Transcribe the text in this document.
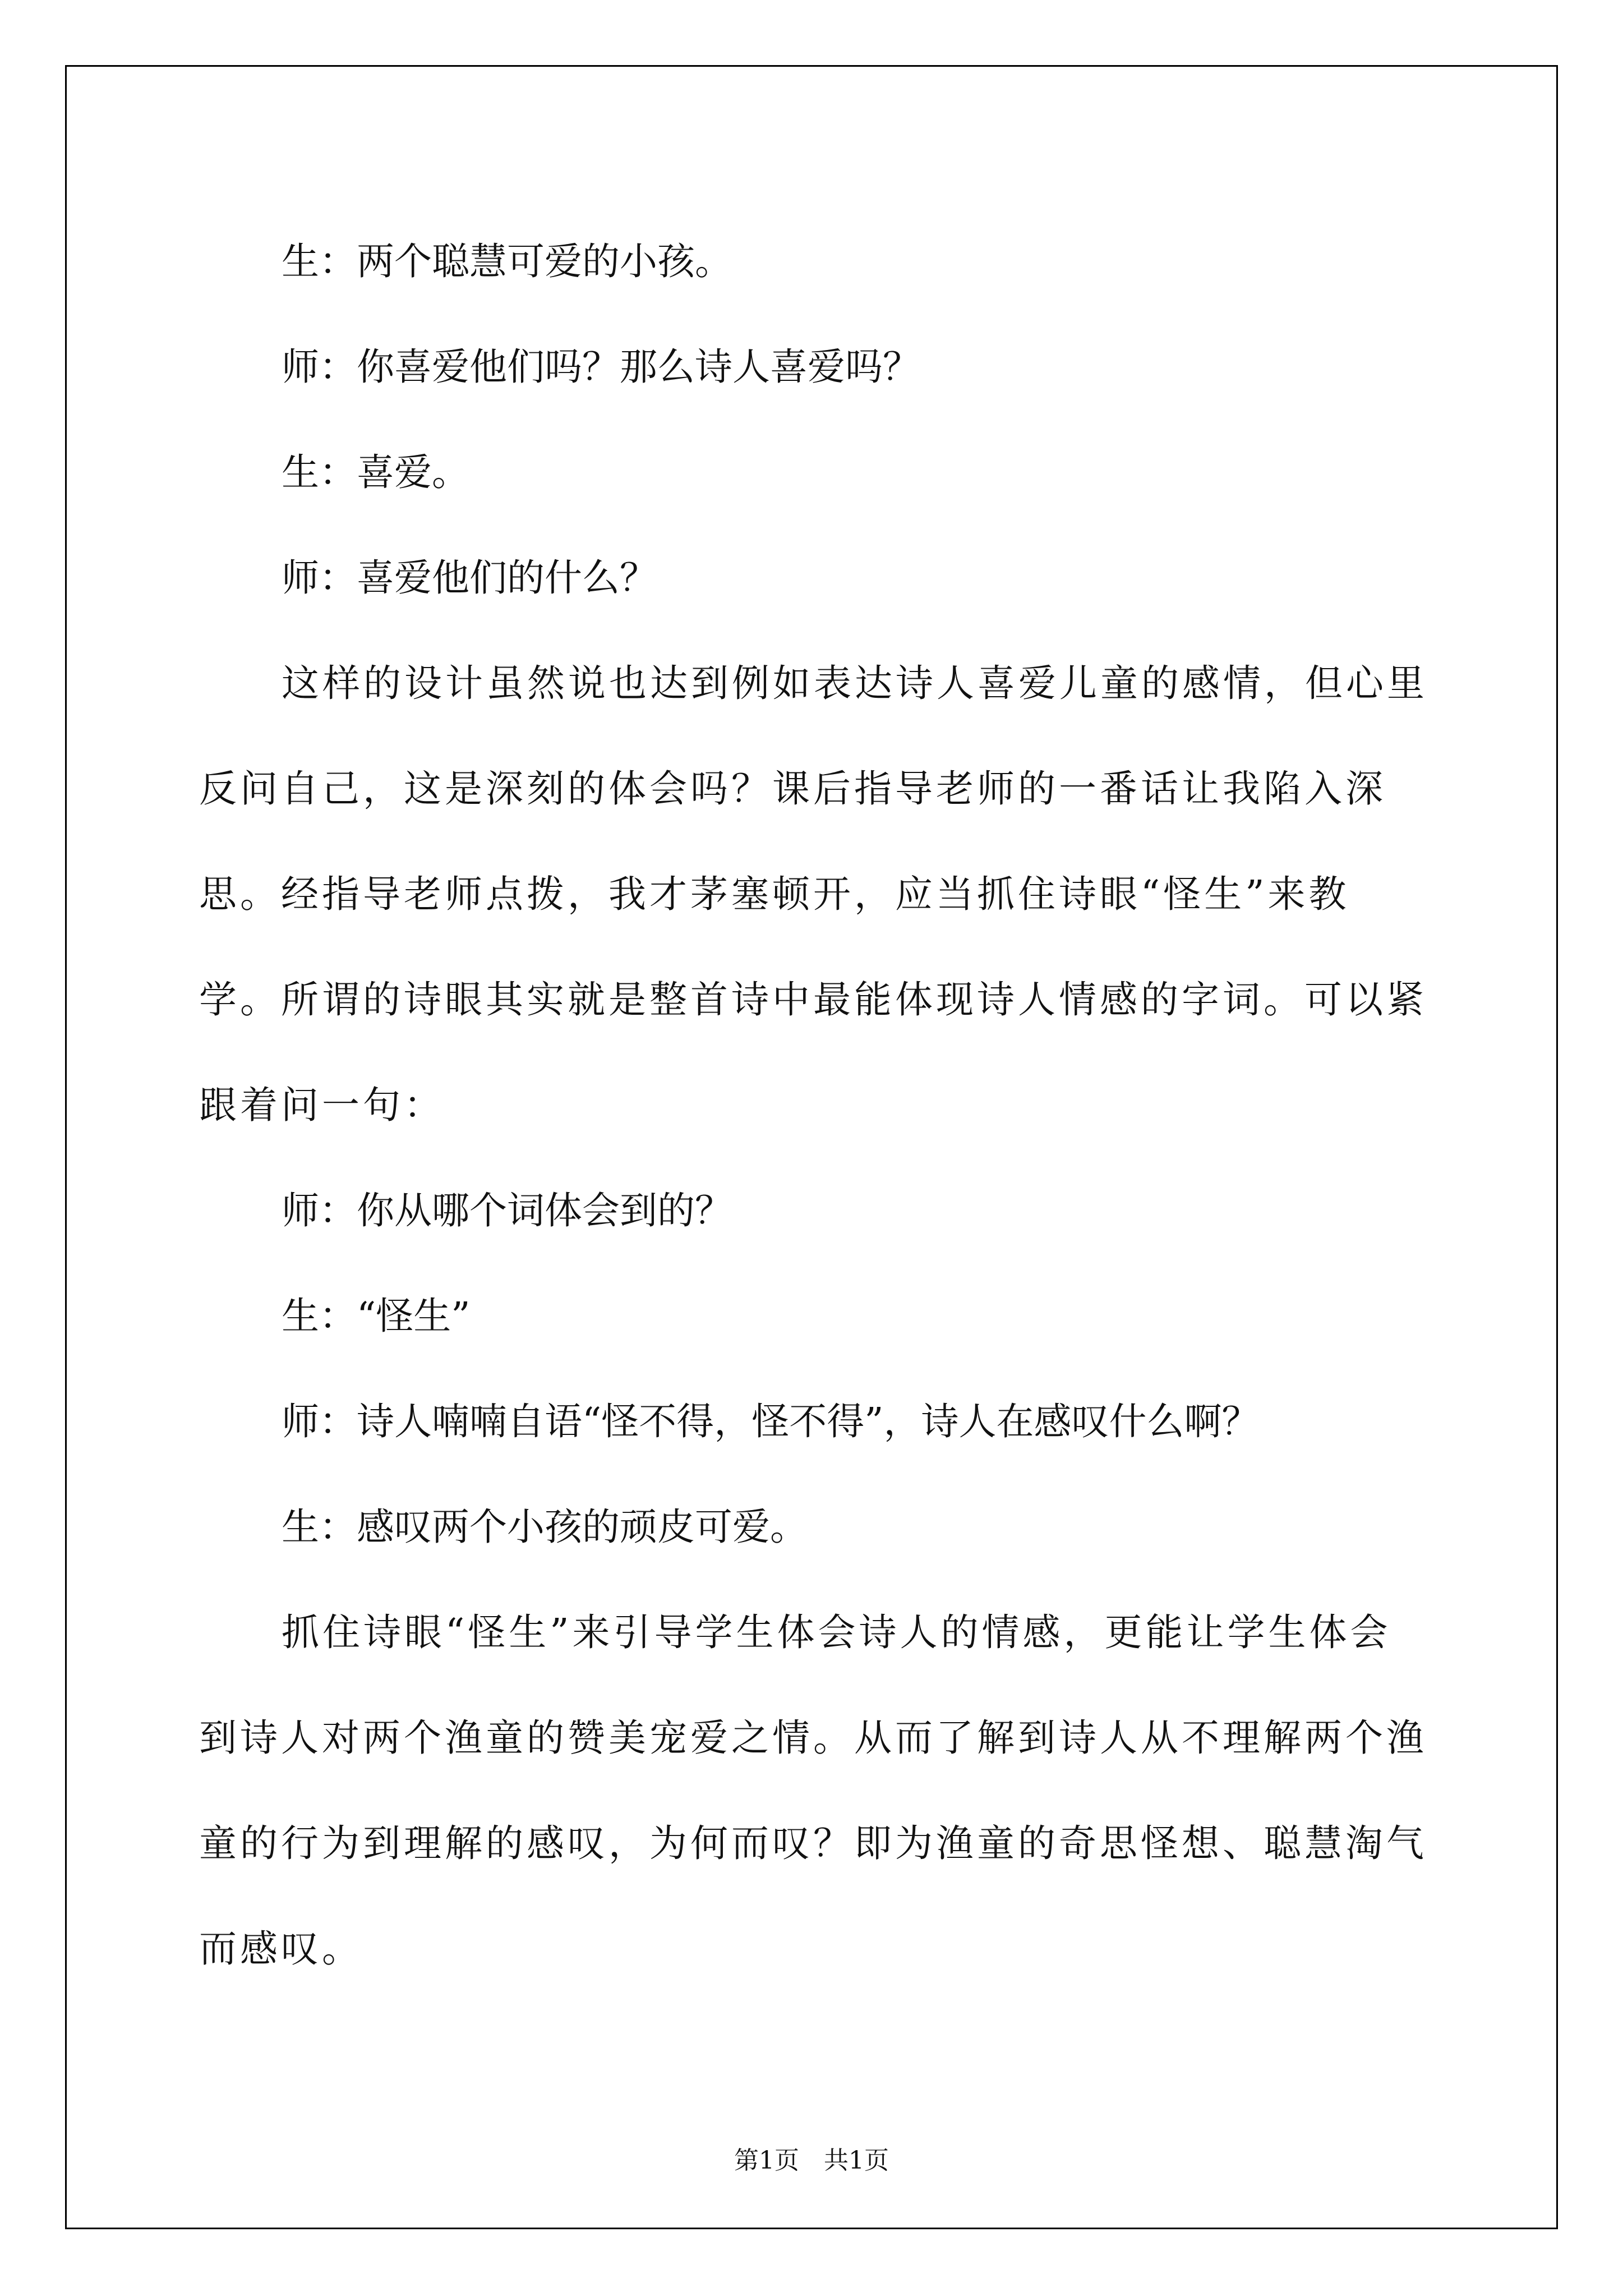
生：两个聪慧可爱的小孩。

师：你喜爱他们吗？那么诗人喜爱吗？

生：喜爱。

师：喜爱他们的什么？

这样的设计虽然说也达到例如表达诗人喜爱儿童的感情，但心里反问自己，这是深刻的体会吗？课后指导老师的一番话让我陷入深思。经指导老师点拨，我才茅塞顿开，应当抓住诗眼“怪生”来教学。所谓的诗眼其实就是整首诗中最能体现诗人情感的字词。可以紧跟着问一句：

师：你从哪个词体会到的？

生：“怪生”

师：诗人喃喃自语“怪不得，怪不得”，诗人在感叹什么啊？

生：感叹两个小孩的顽皮可爱。

抓住诗眼“怪生”来引导学生体会诗人的情感，更能让学生体会到诗人对两个渔童的赞美宠爱之情。从而了解到诗人从不理解两个渔童的行为到理解的感叹，为何而叹？即为渔童的奇思怪想、聪慧淘气而感叹。

第1页　共1页
